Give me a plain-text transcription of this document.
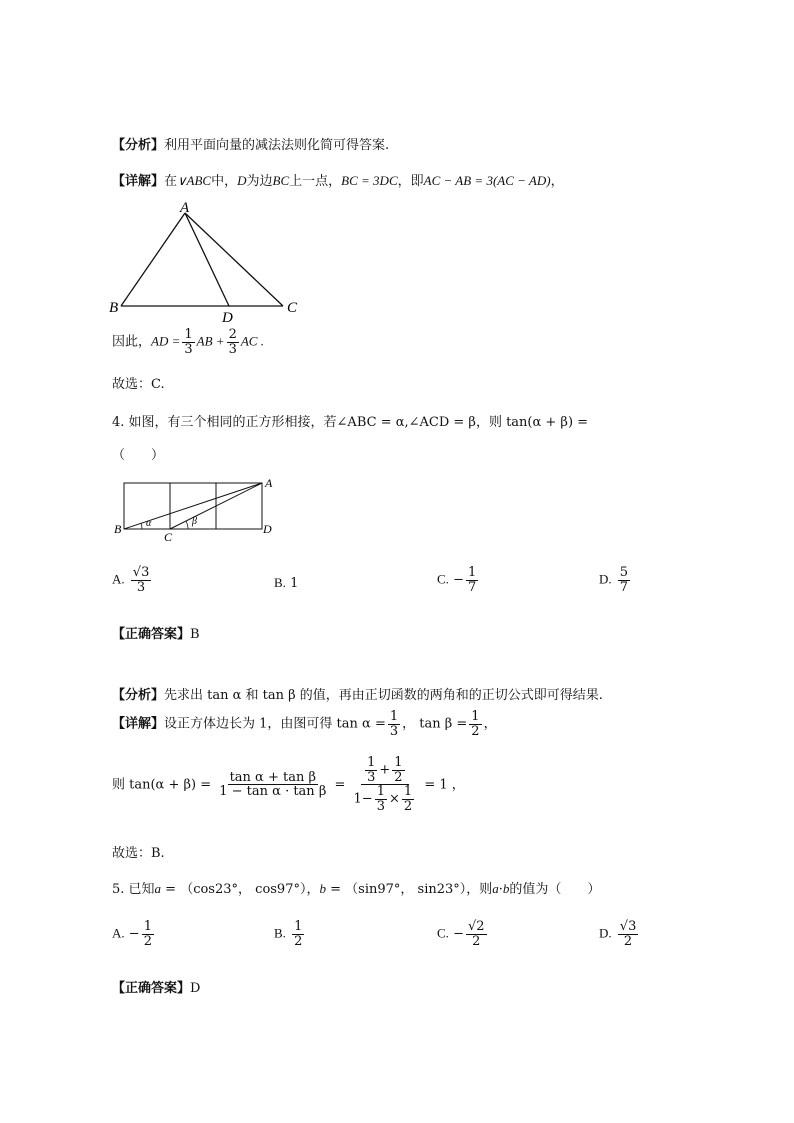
【分析】利用平面向量的减法法则化简可得答案.
【详解】在∨ABC中，D为边BC上一点，BC = 3DC，即AC − AB = 3(AC − AD)，
A
B
D
C
因此，AD = $\frac{1}{3}$ AB + $\frac{2}{3}$ AC .
故选：C.
4. 如图，有三个相同的正方形相接，若∠ABC = α,∠ACD = β，则 tan(α + β) =
（　　）
A
B
C
D
α	β
A. $\frac{√3}{3}$	B. 1	C. − $\frac{1}{7}$	D. $\frac{5}{7}$
【正确答案】B
【分析】先求出 tan α 和 tan β 的值，再由正切函数的两角和的正切公式即可得结果.
【详解】设正方体边长为 1，由图可得 $\tan \alpha = \frac{1}{3}$ ， $\tan \beta = \frac{1}{2}$ ，
则 $\tan(\alpha + \beta) = \frac{\text{tan α + tan β}}{\text{1 − tan α · tan β}} = \frac{\frac{1}{3} + \frac{1}{2}}{1- \frac{1}{3} \times \frac{1}{2}} = 1$ ，
故选：B.
5. 已知a = （cos23°， cos97°），b = （sin97°， sin23°），则a·b的值为（　　）
A. − $\frac{1}{2}$	B. $\frac{1}{2}$	C. − $\frac{√2}{2}$	D. $\frac{√3}{2}$
【正确答案】D
